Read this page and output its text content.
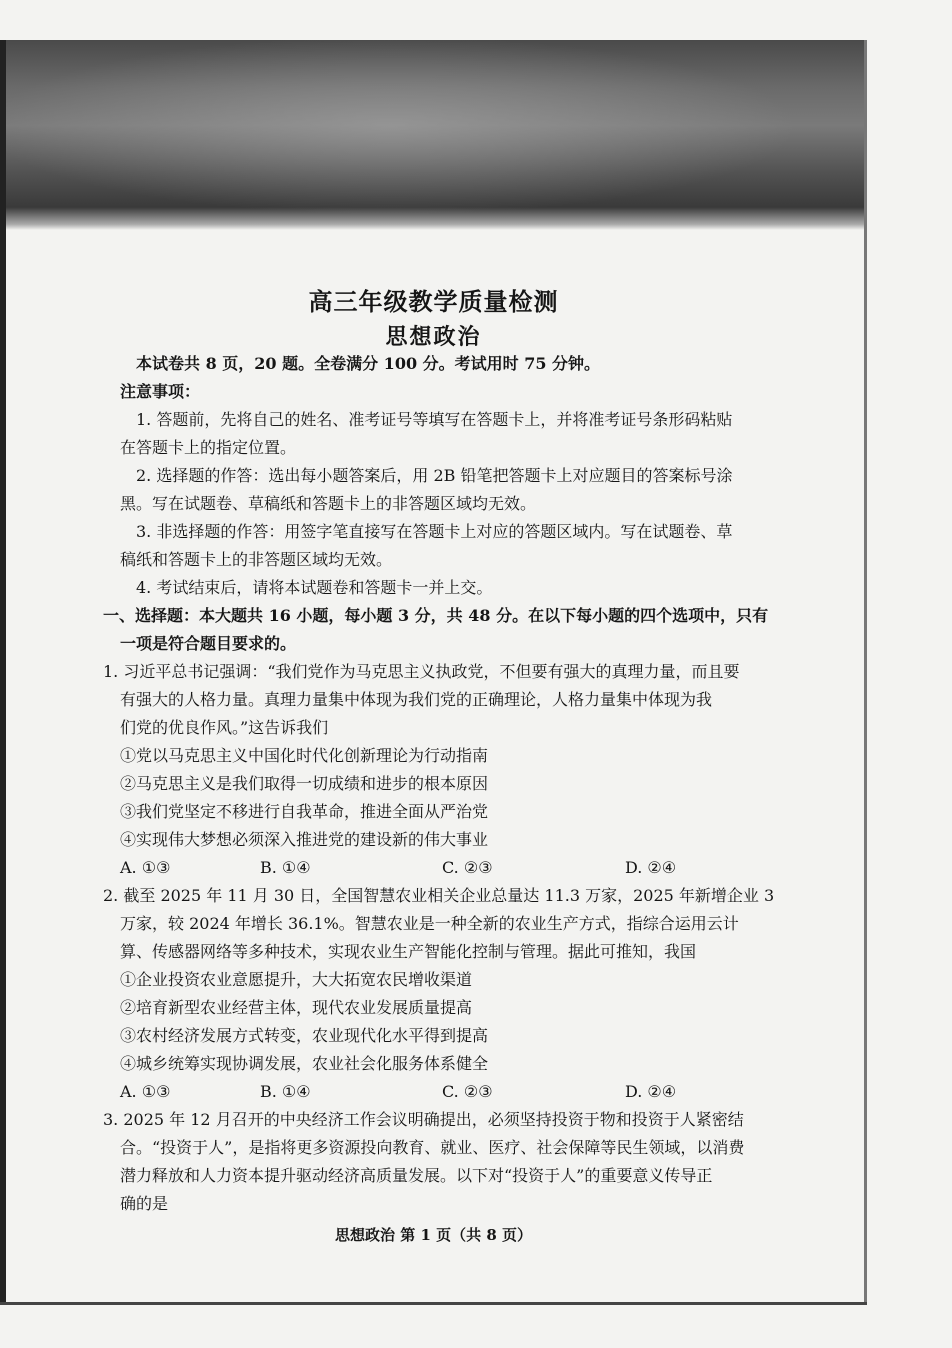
高三年级教学质量检测
思想政治
本试卷共 8 页，20 题。全卷满分 100 分。考试用时 75 分钟。
注意事项：
1. 答题前，先将自己的姓名、准考证号等填写在答题卡上，并将准考证号条形码粘贴
在答题卡上的指定位置。
2. 选择题的作答：选出每小题答案后，用 2B 铅笔把答题卡上对应题目的答案标号涂
黑。写在试题卷、草稿纸和答题卡上的非答题区域均无效。
3. 非选择题的作答：用签字笔直接写在答题卡上对应的答题区域内。写在试题卷、草
稿纸和答题卡上的非答题区域均无效。
4. 考试结束后，请将本试题卷和答题卡一并上交。
一、选择题：本大题共 16 小题，每小题 3 分，共 48 分。在以下每小题的四个选项中，只有
一项是符合题目要求的。
1. 习近平总书记强调：“我们党作为马克思主义执政党，不但要有强大的真理力量，而且要
有强大的人格力量。真理力量集中体现为我们党的正确理论，人格力量集中体现为我
们党的优良作风。”这告诉我们
①党以马克思主义中国化时代化创新理论为行动指南
②马克思主义是我们取得一切成绩和进步的根本原因
③我们党坚定不移进行自我革命，推进全面从严治党
④实现伟大梦想必须深入推进党的建设新的伟大事业
A. ①③	B. ①④	C. ②③	D. ②④
2. 截至 2025 年 11 月 30 日，全国智慧农业相关企业总量达 11.3 万家，2025 年新增企业 3
万家，较 2024 年增长 36.1%。智慧农业是一种全新的农业生产方式，指综合运用云计
算、传感器网络等多种技术，实现农业生产智能化控制与管理。据此可推知，我国
①企业投资农业意愿提升，大大拓宽农民增收渠道
②培育新型农业经营主体，现代农业发展质量提高
③农村经济发展方式转变，农业现代化水平得到提高
④城乡统筹实现协调发展，农业社会化服务体系健全
A. ①③	B. ①④	C. ②③	D. ②④
3. 2025 年 12 月召开的中央经济工作会议明确提出，必须坚持投资于物和投资于人紧密结
合。“投资于人”，是指将更多资源投向教育、就业、医疗、社会保障等民生领域，以消费
潜力释放和人力资本提升驱动经济高质量发展。以下对“投资于人”的重要意义传导正
确的是
思想政治 第 1 页（共 8 页）
